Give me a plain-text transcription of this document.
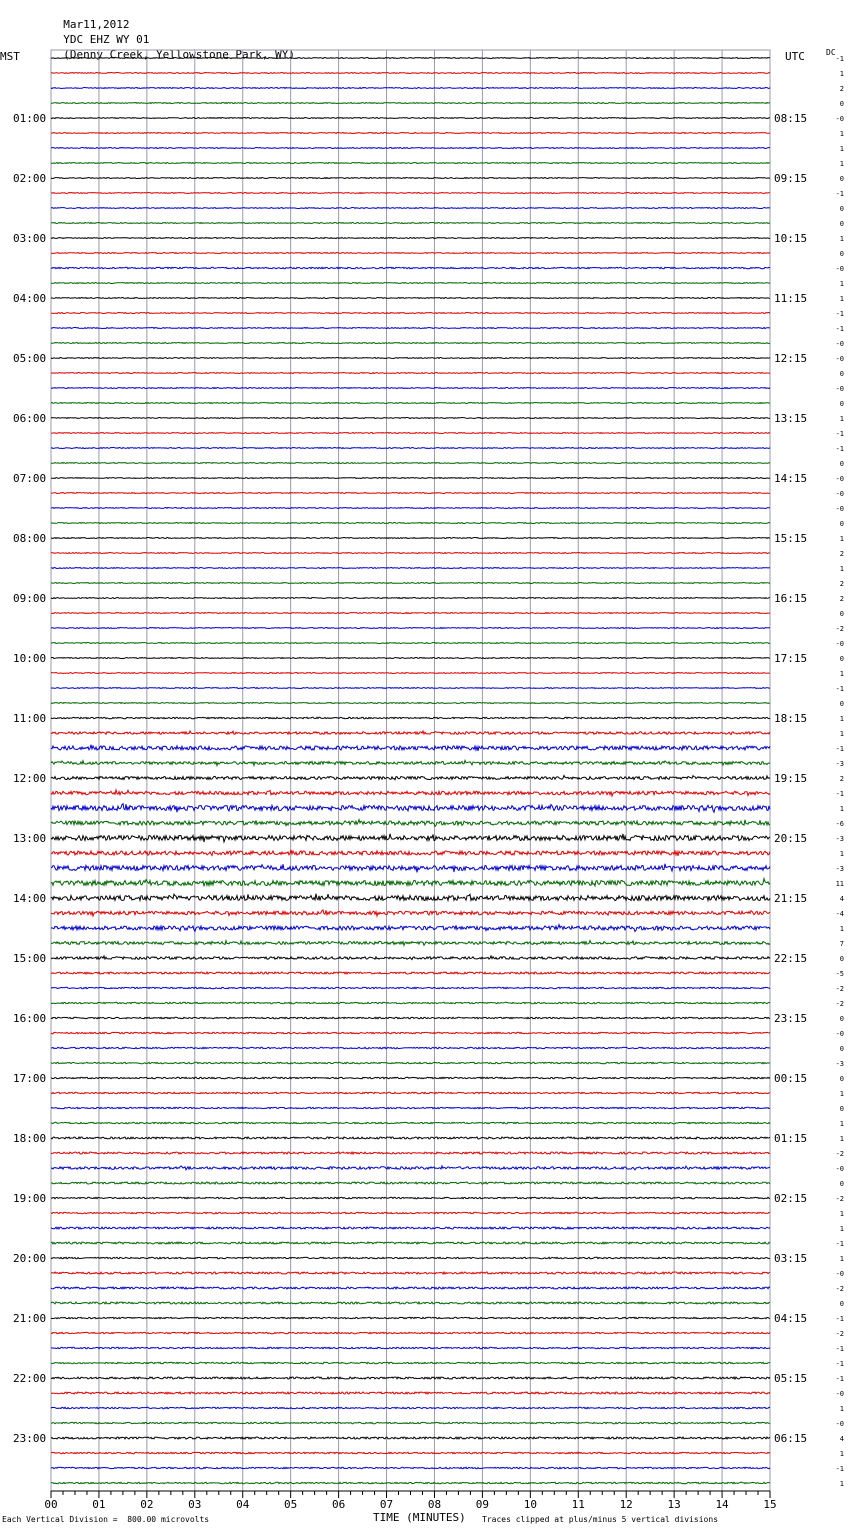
Mar11,2012

YDC EHZ WY 01

(Denny Creek, Yellowstone Park, WY)

MST	UTC	DC
01:00
02:00
03:00
04:00
05:00
06:00
07:00
08:00
09:00
10:00
11:00
12:00
13:00
14:00
15:00
16:00
17:00
18:00
19:00
20:00
21:00
22:00
23:00
08:15
09:15
10:15
11:15
12:15
13:15
14:15
15:15
16:15
17:15
18:15
19:15
20:15
21:15
22:15
23:15
00:15
01:15
02:15
03:15
04:15
05:15
06:15
-1
1
2
0
-0
1
1
1
0
-1
0
0
1
0
-0
1
1
-1
-1
-0
-0
0
-0
0
1
-1
-1
0
-0
-0
-0
0
1
2
1
2
2
0
-2
-0
0
1
-1
0
1
1
-1
-3
2
-1
1
-6
-3
1
-3
11
4
-4
1
7
0
-5
-2
-2
0
-0
0
-3
0
1
0
1
1
-2
-0
0
-2
1
1
-1
1
-0
-2
0
-1
-2
-1
-1
-1
-0
1
-0
4
1
-1
1
00	01	02	03	04	05	06	07	08	09	10	11	12	13	14	15
Each Vertical Division =  800.00 microvolts	TIME (MINUTES) Traces clipped at plus/minus 5 vertical divisions
